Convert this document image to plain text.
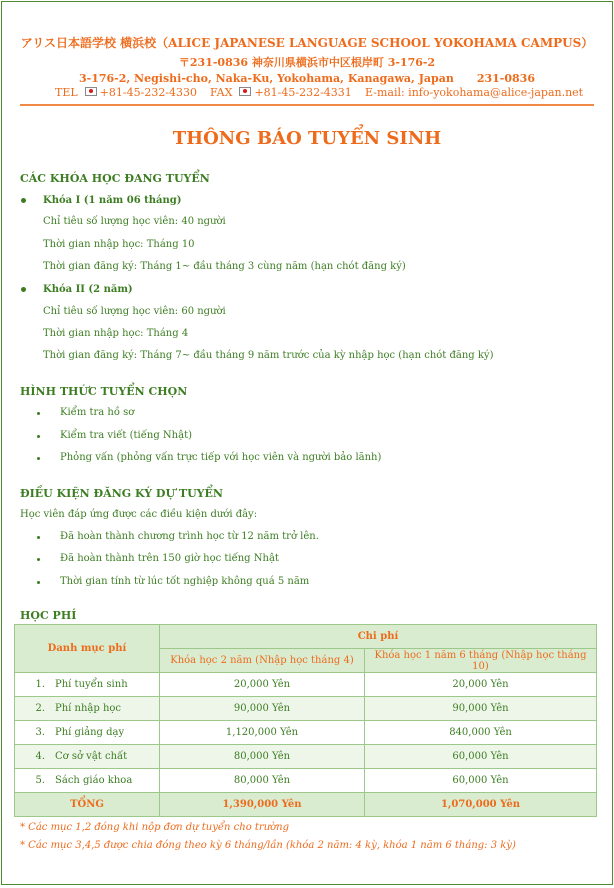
アリス日本語学校 横浜校（ALICE JAPANESE LANGUAGE SCHOOL YOKOHAMA CAMPUS）
〒231-0836 神奈川県横浜市中区根岸町 3-176-2
3-176-2, Negishi-cho, Naka-Ku, Yokohama, Kanagawa, Japan      231-0836
TEL +81-45-232-4330 FAX +81-45-232-4331 E-mail: info-yokohama@alice-japan.net
THÔNG BÁO TUYỂN SINH
CÁC KHÓA HỌC ĐANG TUYỂN
Khóa I (1 năm 06 tháng)
Chỉ tiêu số lượng học viên: 40 người
Thời gian nhập học: Tháng 10
Thời gian đăng ký: Tháng 1~ đầu tháng 3 cùng năm (hạn chót đăng ký)
Khóa II (2 năm)
Chỉ tiêu số lượng học viên: 60 người
Thời gian nhập học: Tháng 4
Thời gian đăng ký: Tháng 7~ đầu tháng 9 năm trước của kỳ nhập học (hạn chót đăng ký)
HÌNH THỨC TUYỂN CHỌN
Kiểm tra hồ sơ
Kiểm tra viết (tiếng Nhật)
Phỏng vấn (phỏng vấn trực tiếp với học viên và người bảo lãnh)
ĐIỀU KIỆN ĐĂNG KÝ DỰ TUYỂN
Học viên đáp ứng được các điều kiện dưới đây:
Đã hoàn thành chương trình học từ 12 năm trở lên.
Đã hoàn thành trên 150 giờ học tiếng Nhật
Thời gian tính từ lúc tốt nghiệp không quá 5 năm
HỌC PHÍ
Danh mục phí	Chi phí	
	Khóa học 2 năm (Nhập học tháng 4)	Khóa học 1 năm 6 tháng (Nhập học tháng 10)
1. Phí tuyển sinh	20,000 Yên	20,000 Yên
2. Phí nhập học	90,000 Yên	90,000 Yên
3. Phí giảng dạy	1,120,000 Yên	840,000 Yên
4. Cơ sở vật chất	80,000 Yên	60,000 Yên
5. Sách giáo khoa	80,000 Yên	60,000 Yên
TỔNG	1,390,000 Yên	1,070,000 Yên
* Các mục 1,2 đóng khi nộp đơn dự tuyển cho trường
* Các mục 3,4,5 được chia đóng theo kỳ 6 tháng/lần (khóa 2 năm: 4 kỳ, khóa 1 năm 6 tháng: 3 kỳ)
